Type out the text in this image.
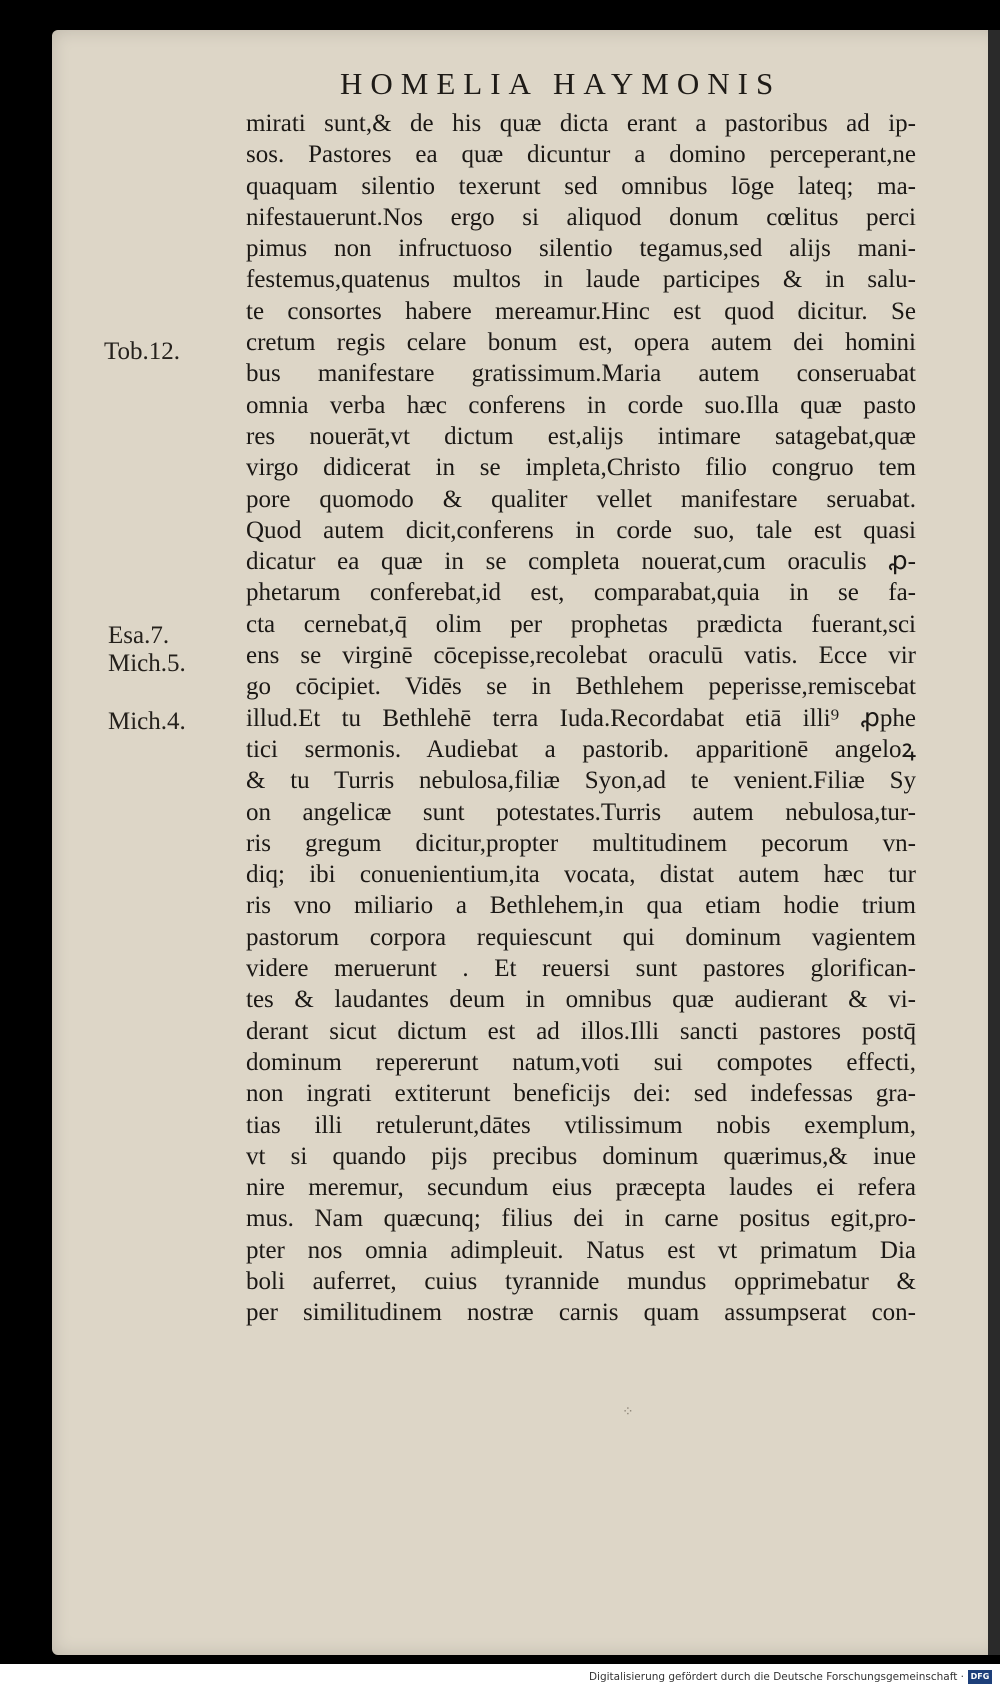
HOMELIA HAYMONIS
Tob.12.
Esa.7.
Mich.5.
Mich.4.
mirati sunt,& de his quæ dicta erant a pastoribus ad ip-
sos. Pastores ea quæ dicuntur a domino perceperant,ne
quaquam silentio texerunt sed omnibus lōge lateq; ma-
nifestauerunt.Nos ergo si aliquod donum cœlitus perci
pimus non infructuoso silentio tegamus,sed alijs mani-
festemus,quatenus multos in laude participes & in salu-
te consortes habere mereamur.Hinc est quod dicitur. Se
cretum regis celare bonum est, opera autem dei homini
bus manifestare gratissimum.Maria autem conseruabat
omnia verba hæc conferens in corde suo.Illa quæ pasto
res nouerāt,vt dictum est,alijs intimare satagebat,quæ
virgo didicerat in se impleta,Christo filio congruo tem
pore quomodo & qualiter vellet manifestare seruabat.
Quod autem dicit,conferens in corde suo, tale est quasi
dicatur ea quæ in se completa nouerat,cum oraculis ꝓ-
phetarum conferebat,id est, comparabat,quia in se fa-
cta cernebat,q̄ olim per prophetas prædicta fuerant,sci
ens se virginē cōcepisse,recolebat oraculū vatis. Ecce vir
go cōcipiet. Vidēs se in Bethlehem peperisse,remiscebat
illud.Et tu Bethlehē terra Iuda.Recordabat etiā illi⁹ ꝓphe
tici sermonis. Audiebat a pastorib. apparitionē angeloꝝ
& tu Turris nebulosa,filiæ Syon,ad te venient.Filiæ Sy
on angelicæ sunt potestates.Turris autem nebulosa,tur-
ris gregum dicitur,propter multitudinem pecorum vn-
diq; ibi conuenientium,ita vocata, distat autem hæc tur
ris vno miliario a Bethlehem,in qua etiam hodie trium
pastorum corpora requiescunt qui dominum vagientem
videre meruerunt . Et reuersi sunt pastores glorifican-
tes & laudantes deum in omnibus quæ audierant & vi-
derant sicut dictum est ad illos.Illi sancti pastores postq̄
dominum repererunt natum,voti sui compotes effecti,
non ingrati extiterunt beneficijs dei: sed indefessas gra-
tias illi retulerunt,dātes vtilissimum nobis exemplum,
vt si quando pijs precibus dominum quærimus,& inue
nire meremur, secundum eius præcepta laudes ei refera
mus. Nam quæcunq; filius dei in carne positus egit,pro-
pter nos omnia adimpleuit. Natus est vt primatum Dia
boli auferret, cuius tyrannide mundus opprimebatur &
per similitudinem nostræ carnis quam assumpserat con-
⁘
Digitalisierung gefördert durch die Deutsche Forschungsgemeinschaft · DFG
